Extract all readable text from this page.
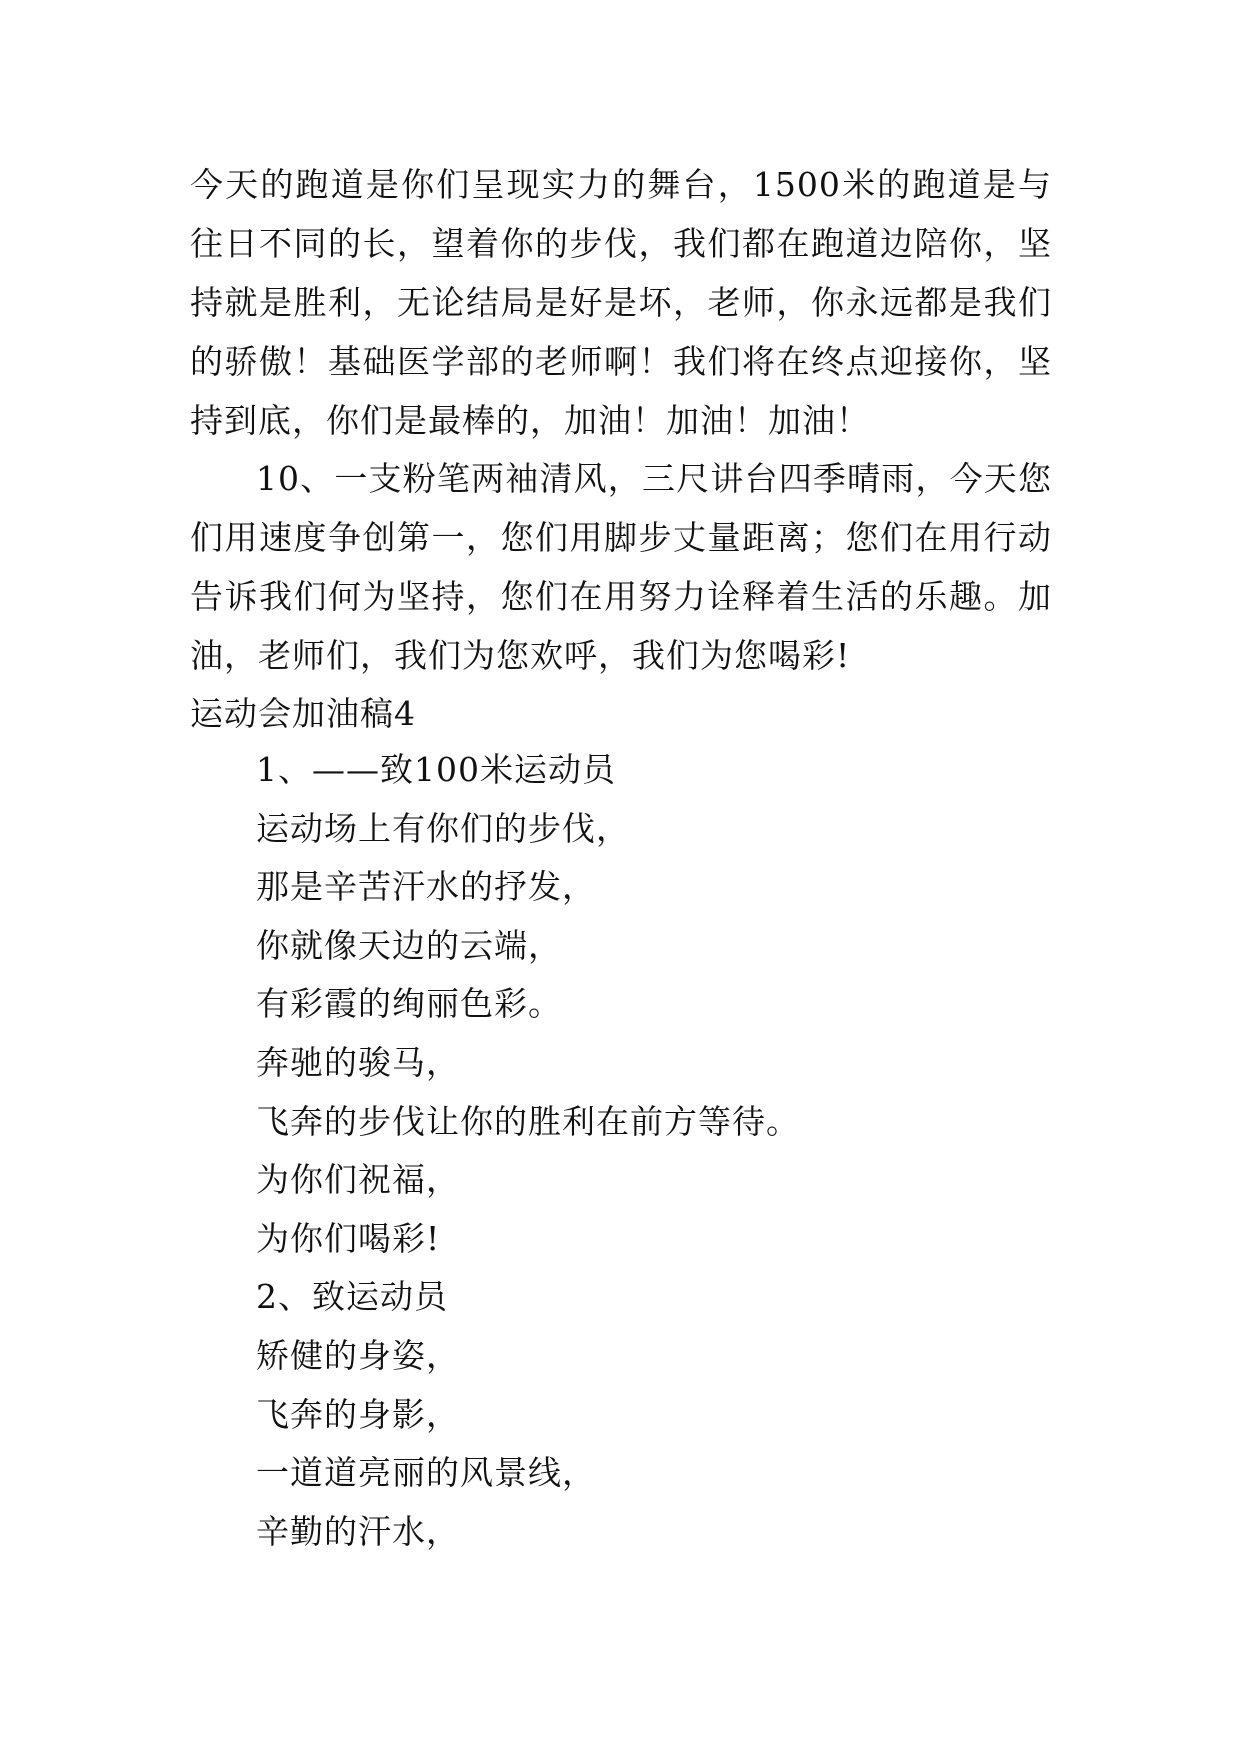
今天的跑道是你们呈现实力的舞台，1500米的跑道是与往日不同的长，望着你的步伐，我们都在跑道边陪你，坚持就是胜利，无论结局是好是坏，老师，你永远都是我们的骄傲！基础医学部的老师啊！我们将在终点迎接你，坚持到底，你们是最棒的，加油！加油！加油！

10、一支粉笔两袖清风，三尺讲台四季晴雨，今天您们用速度争创第一，您们用脚步丈量距离；您们在用行动告诉我们何为坚持，您们在用努力诠释着生活的乐趣。加油，老师们，我们为您欢呼，我们为您喝彩!

运动会加油稿4
1、——致100米运动员
运动场上有你们的步伐，
那是辛苦汗水的抒发，
你就像天边的云端，
有彩霞的绚丽色彩。
奔驰的骏马，
飞奔的步伐让你的胜利在前方等待。
为你们祝福，
为你们喝彩!
2、致运动员
矫健的身姿，
飞奔的身影，
一道道亮丽的风景线，
辛勤的汗水，
